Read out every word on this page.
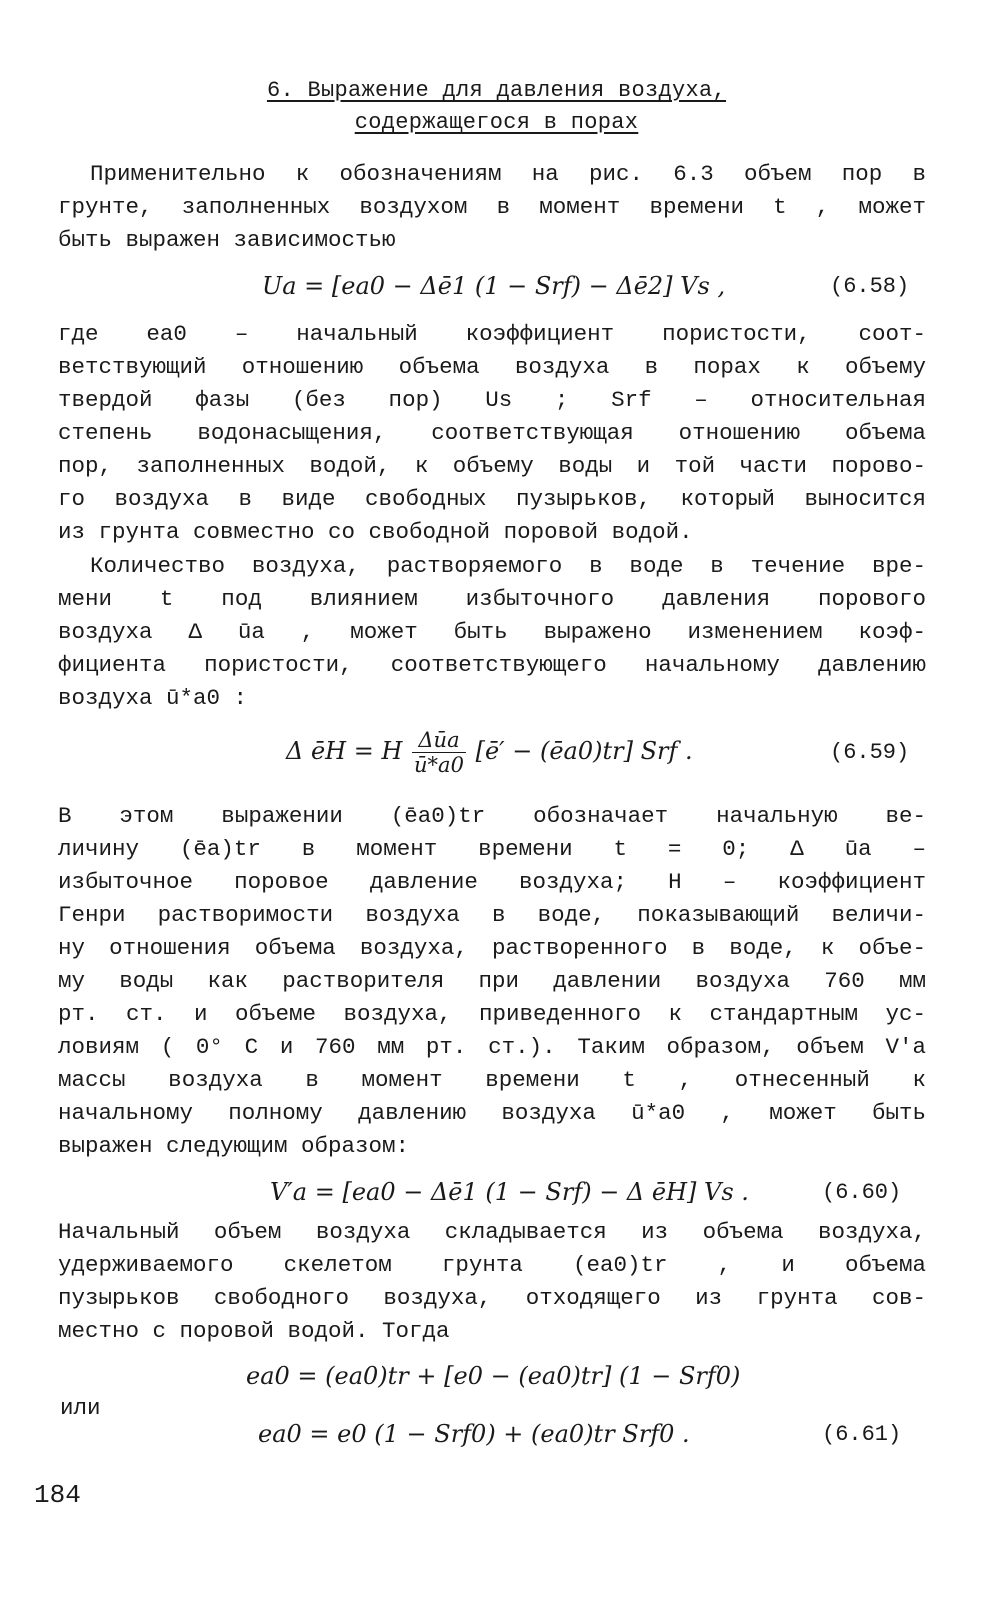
6. Выражение для давления воздуха,
содержащегося в порах
Применительно к обозначениям на рис. 6.3 объем пор в
грунте, заполненных воздухом в момент времени t , может
быть выражен зависимостью
Ua = [ea0 − Δē1 (1 − Srf) − Δē2] Vs ,	(6.58)
где ea0 – начальный коэффициент пористости, соот-
ветствующий отношению объема воздуха в порах к объему
твердой фазы (без пор) Us ; Srf – относительная
степень водонасыщения, соответствующая отношению объема
пор, заполненных водой, к объему воды и той части порово-
го воздуха в виде свободных пузырьков, который выносится
из грунта совместно со свободной поровой водой.
Количество воздуха, растворяемого в воде в течение вре-
мени t под влиянием избыточного давления порового
воздуха Δ ūa , может быть выражено изменением коэф-
фициента пористости, соответствующего начальному давлению
воздуха ū*a0 :
Δ ēH = H $\frac{\text{Δūa}}{ū*a0}$ [ē′ − (ēa0)tr] Srf .	(6.59)
В этом выражении (ēa0)tr обозначает начальную ве-
личину (ēa)tr в момент времени t = 0; Δ ūa –
избыточное поровое давление воздуха; H – коэффициент
Генри растворимости воздуха в воде, показывающий величи-
ну отношения объема воздуха, растворенного в воде, к объе-
му воды как растворителя при давлении воздуха 760 мм
рт. ст. и объеме воздуха, приведенного к стандартным ус-
ловиям ( 0° С и 760 мм рт. ст.). Таким образом, объем V′a
массы воздуха в момент времени t , отнесенный к
начальному полному давлению воздуха ū*a0 , может быть
выражен следующим образом:
V′a = [ea0 − Δē1 (1 − Srf) − Δ ēH] Vs .	(6.60)
Начальный объем воздуха складывается из объема воздуха,
удерживаемого скелетом грунта (ea0)tr , и объема
пузырьков свободного воздуха, отходящего из грунта сов-
местно с поровой водой. Тогда
ea0 = (ea0)tr + [e0 − (ea0)tr] (1 − Srf0)
или
ea0 = e0 (1 − Srf0) + (ea0)tr Srf0 .	(6.61)
184
